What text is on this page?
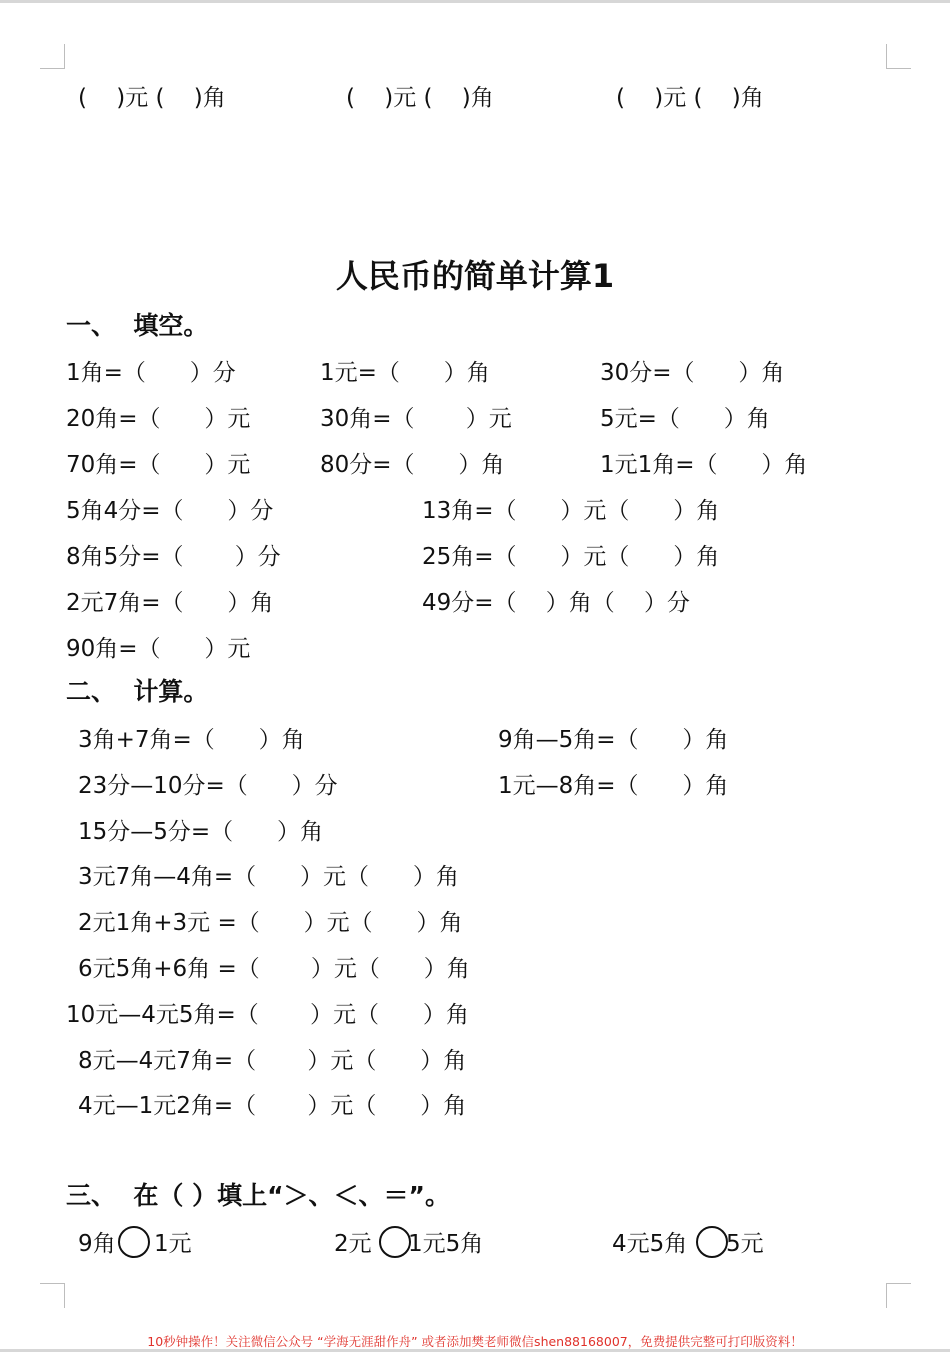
(    )元 (    )角	(    )元 (    )角	(    )元 (    )角
人民币的简单计算1
一、  填空。
1角=（      ）分	1元=（      ）角	30分=（      ）角
20角=（      ）元	30角=（       ）元	5元=（      ）角
70角=（      ）元	80分=（      ）角	1元1角=（      ）角
5角4分=（      ）分	13角=（      ）元（      ）角
8角5分=（       ）分	25角=（      ）元（      ）角
2元7角=（      ）角	49分=（    ）角（    ）分
90角=（      ）元
二、  计算。
3角+7角=（      ）角	9角—5角=（      ）角
23分—10分=（      ）分	1元—8角=（      ）角
15分—5分=（      ）角
3元7角—4角=（      ）元（      ）角
2元1角+3元 =（      ）元（      ）角
6元5角+6角 =（       ）元（      ）角
10元—4元5角=（       ）元（      ）角
8元—4元7角=（       ）元（      ）角
4元—1元2角=（       ）元（      ）角
三、  在（ ）填上“＞、＜、＝”。
9角 1元	2元 1元5角	4元5角 5元
10秒钟操作！关注微信公众号 “学海无涯甜作舟” 或者添加樊老师微信shen88168007，免费提供完整可打印版资料！
